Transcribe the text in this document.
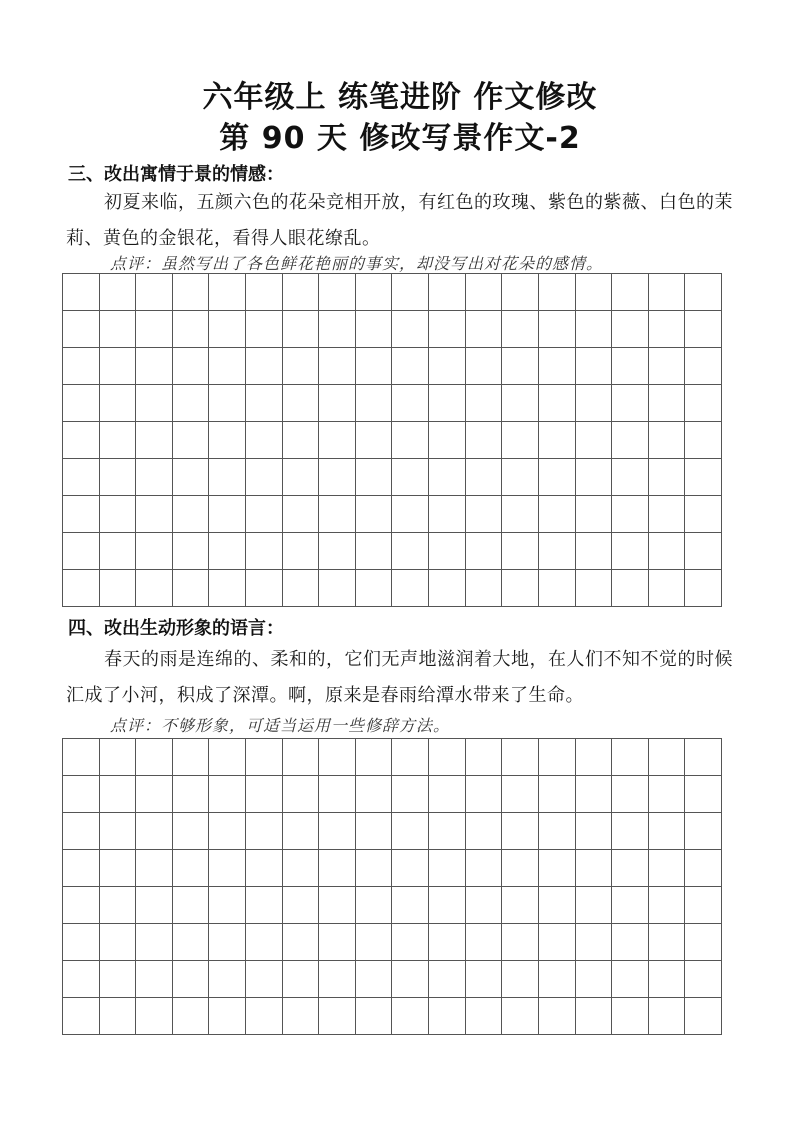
六年级上 练笔进阶 作文修改
第 90 天 修改写景作文-2
三、改出寓情于景的情感：
初夏来临，五颜六色的花朵竞相开放，有红色的玫瑰、紫色的紫薇、白色的茉莉、黄色的金银花，看得人眼花缭乱。
点评：虽然写出了各色鲜花艳丽的事实，却没写出对花朵的感情。
四、改出生动形象的语言：
春天的雨是连绵的、柔和的，它们无声地滋润着大地，在人们不知不觉的时候汇成了小河，积成了深潭。啊，原来是春雨给潭水带来了生命。
点评：不够形象，可适当运用一些修辞方法。
